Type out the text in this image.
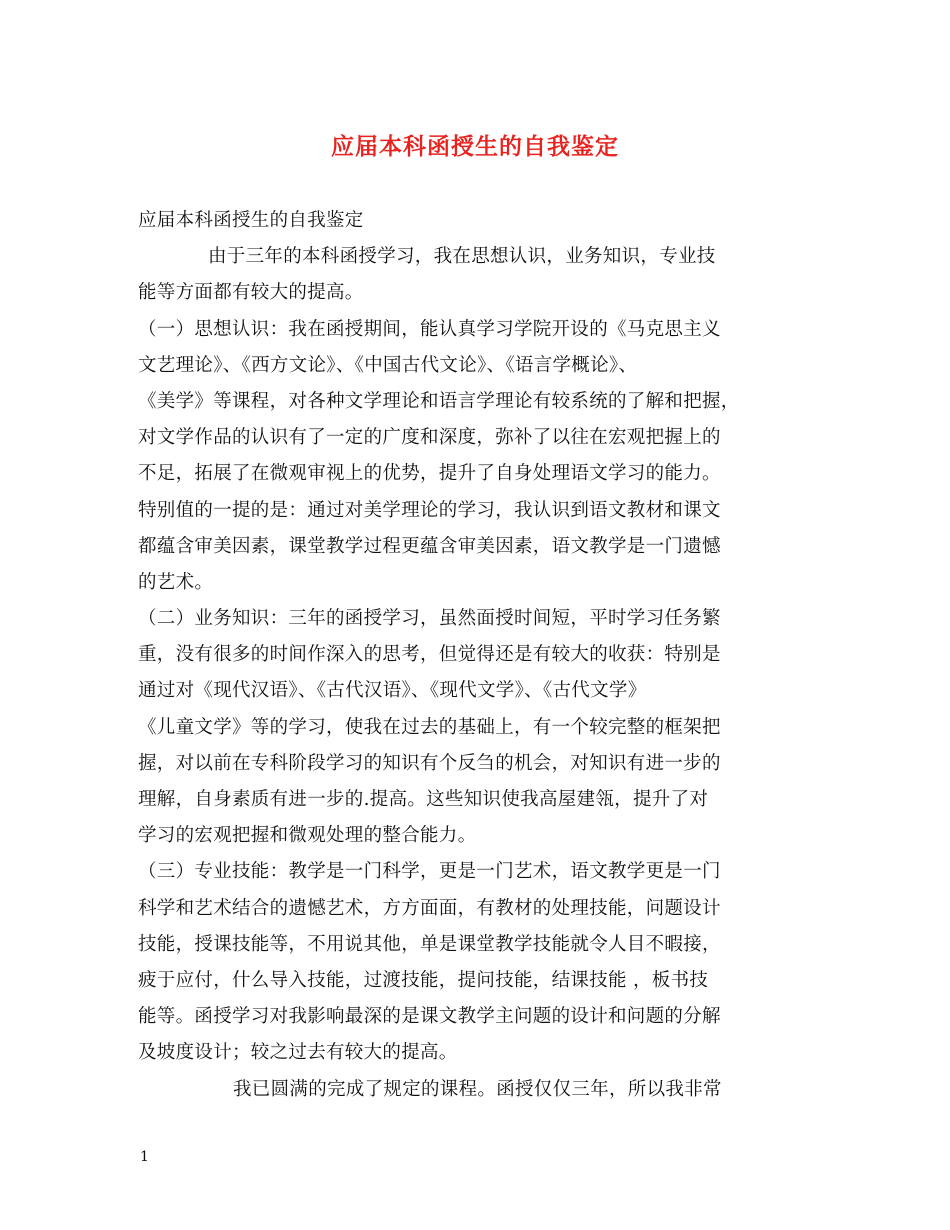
应届本科函授生的自我鉴定
应届本科函授生的自我鉴定
由于三年的本科函授学习，我在思想认识，业务知识，专业技
能等方面都有较大的提高。
（一）思想认识：我在函授期间，能认真学习学院开设的《马克思主义
文艺理论》、《西方文论》、《中国古代文论》、《语言学概论》、
《美学》等课程，对各种文学理论和语言学理论有较系统的了解和把握，
对文学作品的认识有了一定的广度和深度，弥补了以往在宏观把握上的
不足，拓展了在微观审视上的优势，提升了自身处理语文学习的能力。
特别值的一提的是：通过对美学理论的学习，我认识到语文教材和课文
都蕴含审美因素，课堂教学过程更蕴含审美因素，语文教学是一门遗憾
的艺术。
（二）业务知识：三年的函授学习，虽然面授时间短，平时学习任务繁
重，没有很多的时间作深入的思考，但觉得还是有较大的收获：特别是
通过对《现代汉语》、《古代汉语》、《现代文学》、《古代文学》
《儿童文学》等的学习，使我在过去的基础上，有一个较完整的框架把
握，对以前在专科阶段学习的知识有个反刍的机会，对知识有进一步的
理解，自身素质有进一步的.提高。这些知识使我高屋建瓴，提升了对
学习的宏观把握和微观处理的整合能力。
（三）专业技能：教学是一门科学，更是一门艺术，语文教学更是一门
科学和艺术结合的遗憾艺术，方方面面，有教材的处理技能，问题设计
技能，授课技能等，不用说其他，单是课堂教学技能就令人目不暇接，
疲于应付，什么导入技能，过渡技能，提问技能，结课技能 ，板书技
能等。函授学习对我影响最深的是课文教学主问题的设计和问题的分解
及坡度设计；较之过去有较大的提高。
我已圆满的完成了规定的课程。函授仅仅三年，所以我非常
1
